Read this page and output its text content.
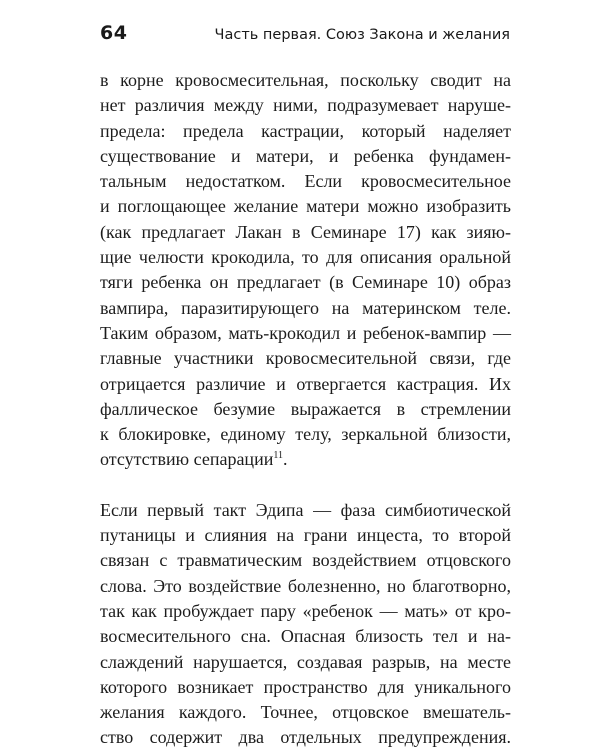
64	Часть первая. Союз Закона и желания

в корне кровосмесительная, поскольку сводит на
нет различия между ними, подразумевает наруше-
предела: предела кастрации, который наделяет
существование и матери, и ребенка фундамен-
тальным недостатком. Если кровосмесительное
и поглощающее желание матери можно изобразить
(как предлагает Лакан в Семинаре 17) как зияю-
щие челюсти крокодила, то для описания оральной
тяги ребенка он предлагает (в Семинаре 10) образ
вампира, паразитирующего на материнском теле.
Таким образом, мать-крокодил и ребенок-вампир —
главные участники кровосмесительной связи, где
отрицается различие и отвергается кастрация. Их
фаллическое безумие выражается в стремлении
к блокировке, единому телу, зеркальной близости,
отсутствию сепарации$^{11}$.

Если первый такт Эдипа — фаза симбиотической
путаницы и слияния на грани инцеста, то второй
связан с травматическим воздействием отцовского
слова. Это воздействие болезненно, но благотворно,
так как пробуждает пару «ребенок — мать» от кро-
восмесительного сна. Опасная близость тел и на-
слаждений нарушается, создавая разрыв, на месте
которого возникает пространство для уникального
желания каждого. Точнее, отцовское вмешатель-
ство содержит два отдельных предупреждения.
